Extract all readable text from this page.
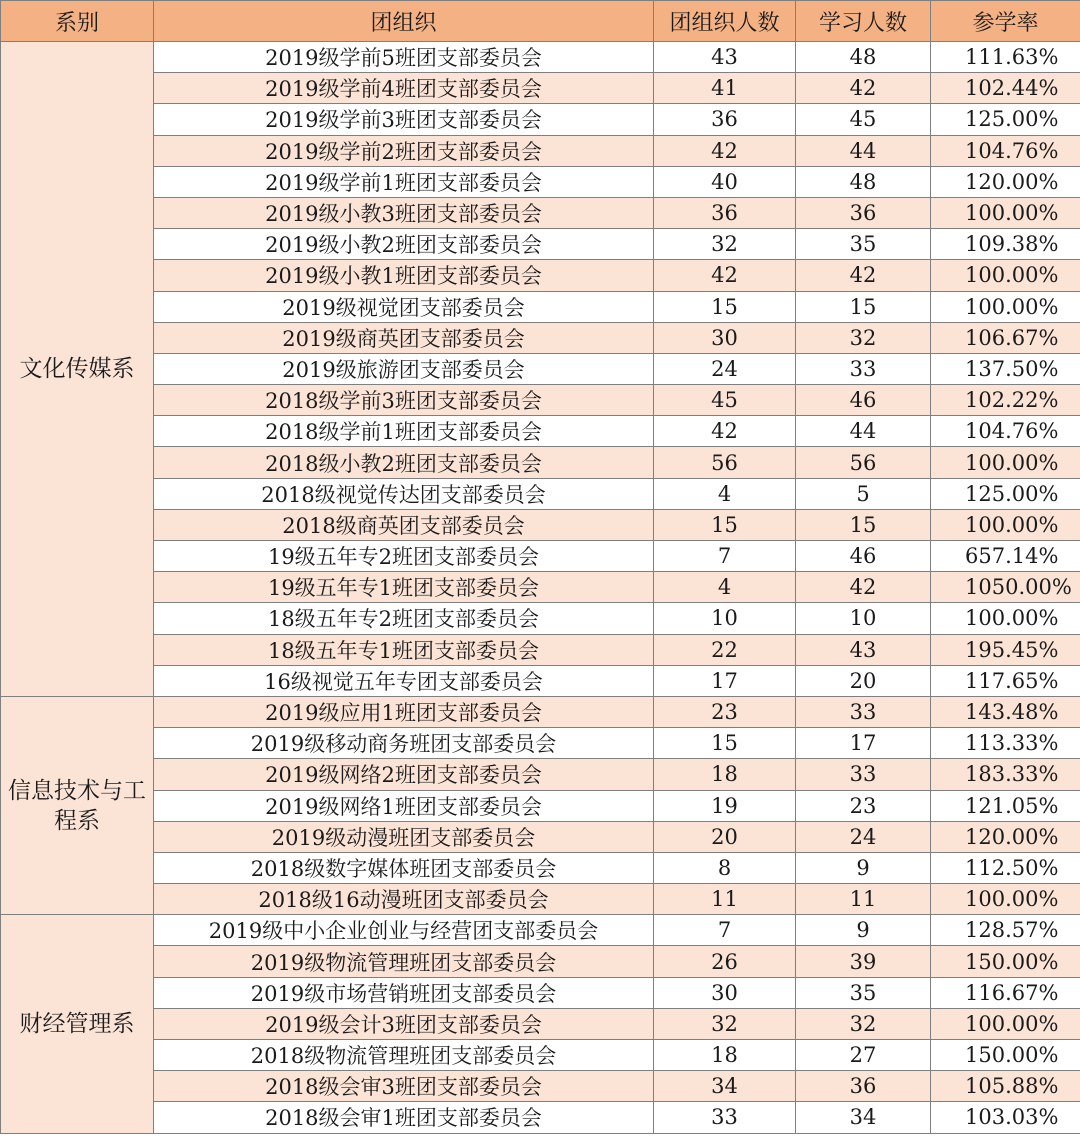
系别	团组织	团组织人数	学习人数	参学率
文化传媒系	2019级学前5班团支部委员会	43	48	111.63%
	2019级学前4班团支部委员会	41	42	102.44%
	2019级学前3班团支部委员会	36	45	125.00%
	2019级学前2班团支部委员会	42	44	104.76%
	2019级学前1班团支部委员会	40	48	120.00%
	2019级小教3班团支部委员会	36	36	100.00%
	2019级小教2班团支部委员会	32	35	109.38%
	2019级小教1班团支部委员会	42	42	100.00%
	2019级视觉团支部委员会	15	15	100.00%
	2019级商英团支部委员会	30	32	106.67%
	2019级旅游团支部委员会	24	33	137.50%
	2018级学前3班团支部委员会	45	46	102.22%
	2018级学前1班团支部委员会	42	44	104.76%
	2018级小教2班团支部委员会	56	56	100.00%
	2018级视觉传达团支部委员会	4	5	125.00%
	2018级商英团支部委员会	15	15	100.00%
	19级五年专2班团支部委员会	7	46	657.14%
	19级五年专1班团支部委员会	4	42	1050.00%
	18级五年专2班团支部委员会	10	10	100.00%
	18级五年专1班团支部委员会	22	43	195.45%
	16级视觉五年专团支部委员会	17	20	117.65%
信息技术与工程系	2019级应用1班团支部委员会	23	33	143.48%
	2019级移动商务班团支部委员会	15	17	113.33%
	2019级网络2班团支部委员会	18	33	183.33%
	2019级网络1班团支部委员会	19	23	121.05%
	2019级动漫班团支部委员会	20	24	120.00%
	2018级数字媒体班团支部委员会	8	9	112.50%
	2018级16动漫班团支部委员会	11	11	100.00%
财经管理系	2019级中小企业创业与经营团支部委员会	7	9	128.57%
	2019级物流管理班团支部委员会	26	39	150.00%
	2019级市场营销班团支部委员会	30	35	116.67%
	2019级会计3班团支部委员会	32	32	100.00%
	2018级物流管理班团支部委员会	18	27	150.00%
	2018级会审3班团支部委员会	34	36	105.88%
	2018级会审1班团支部委员会	33	34	103.03%
